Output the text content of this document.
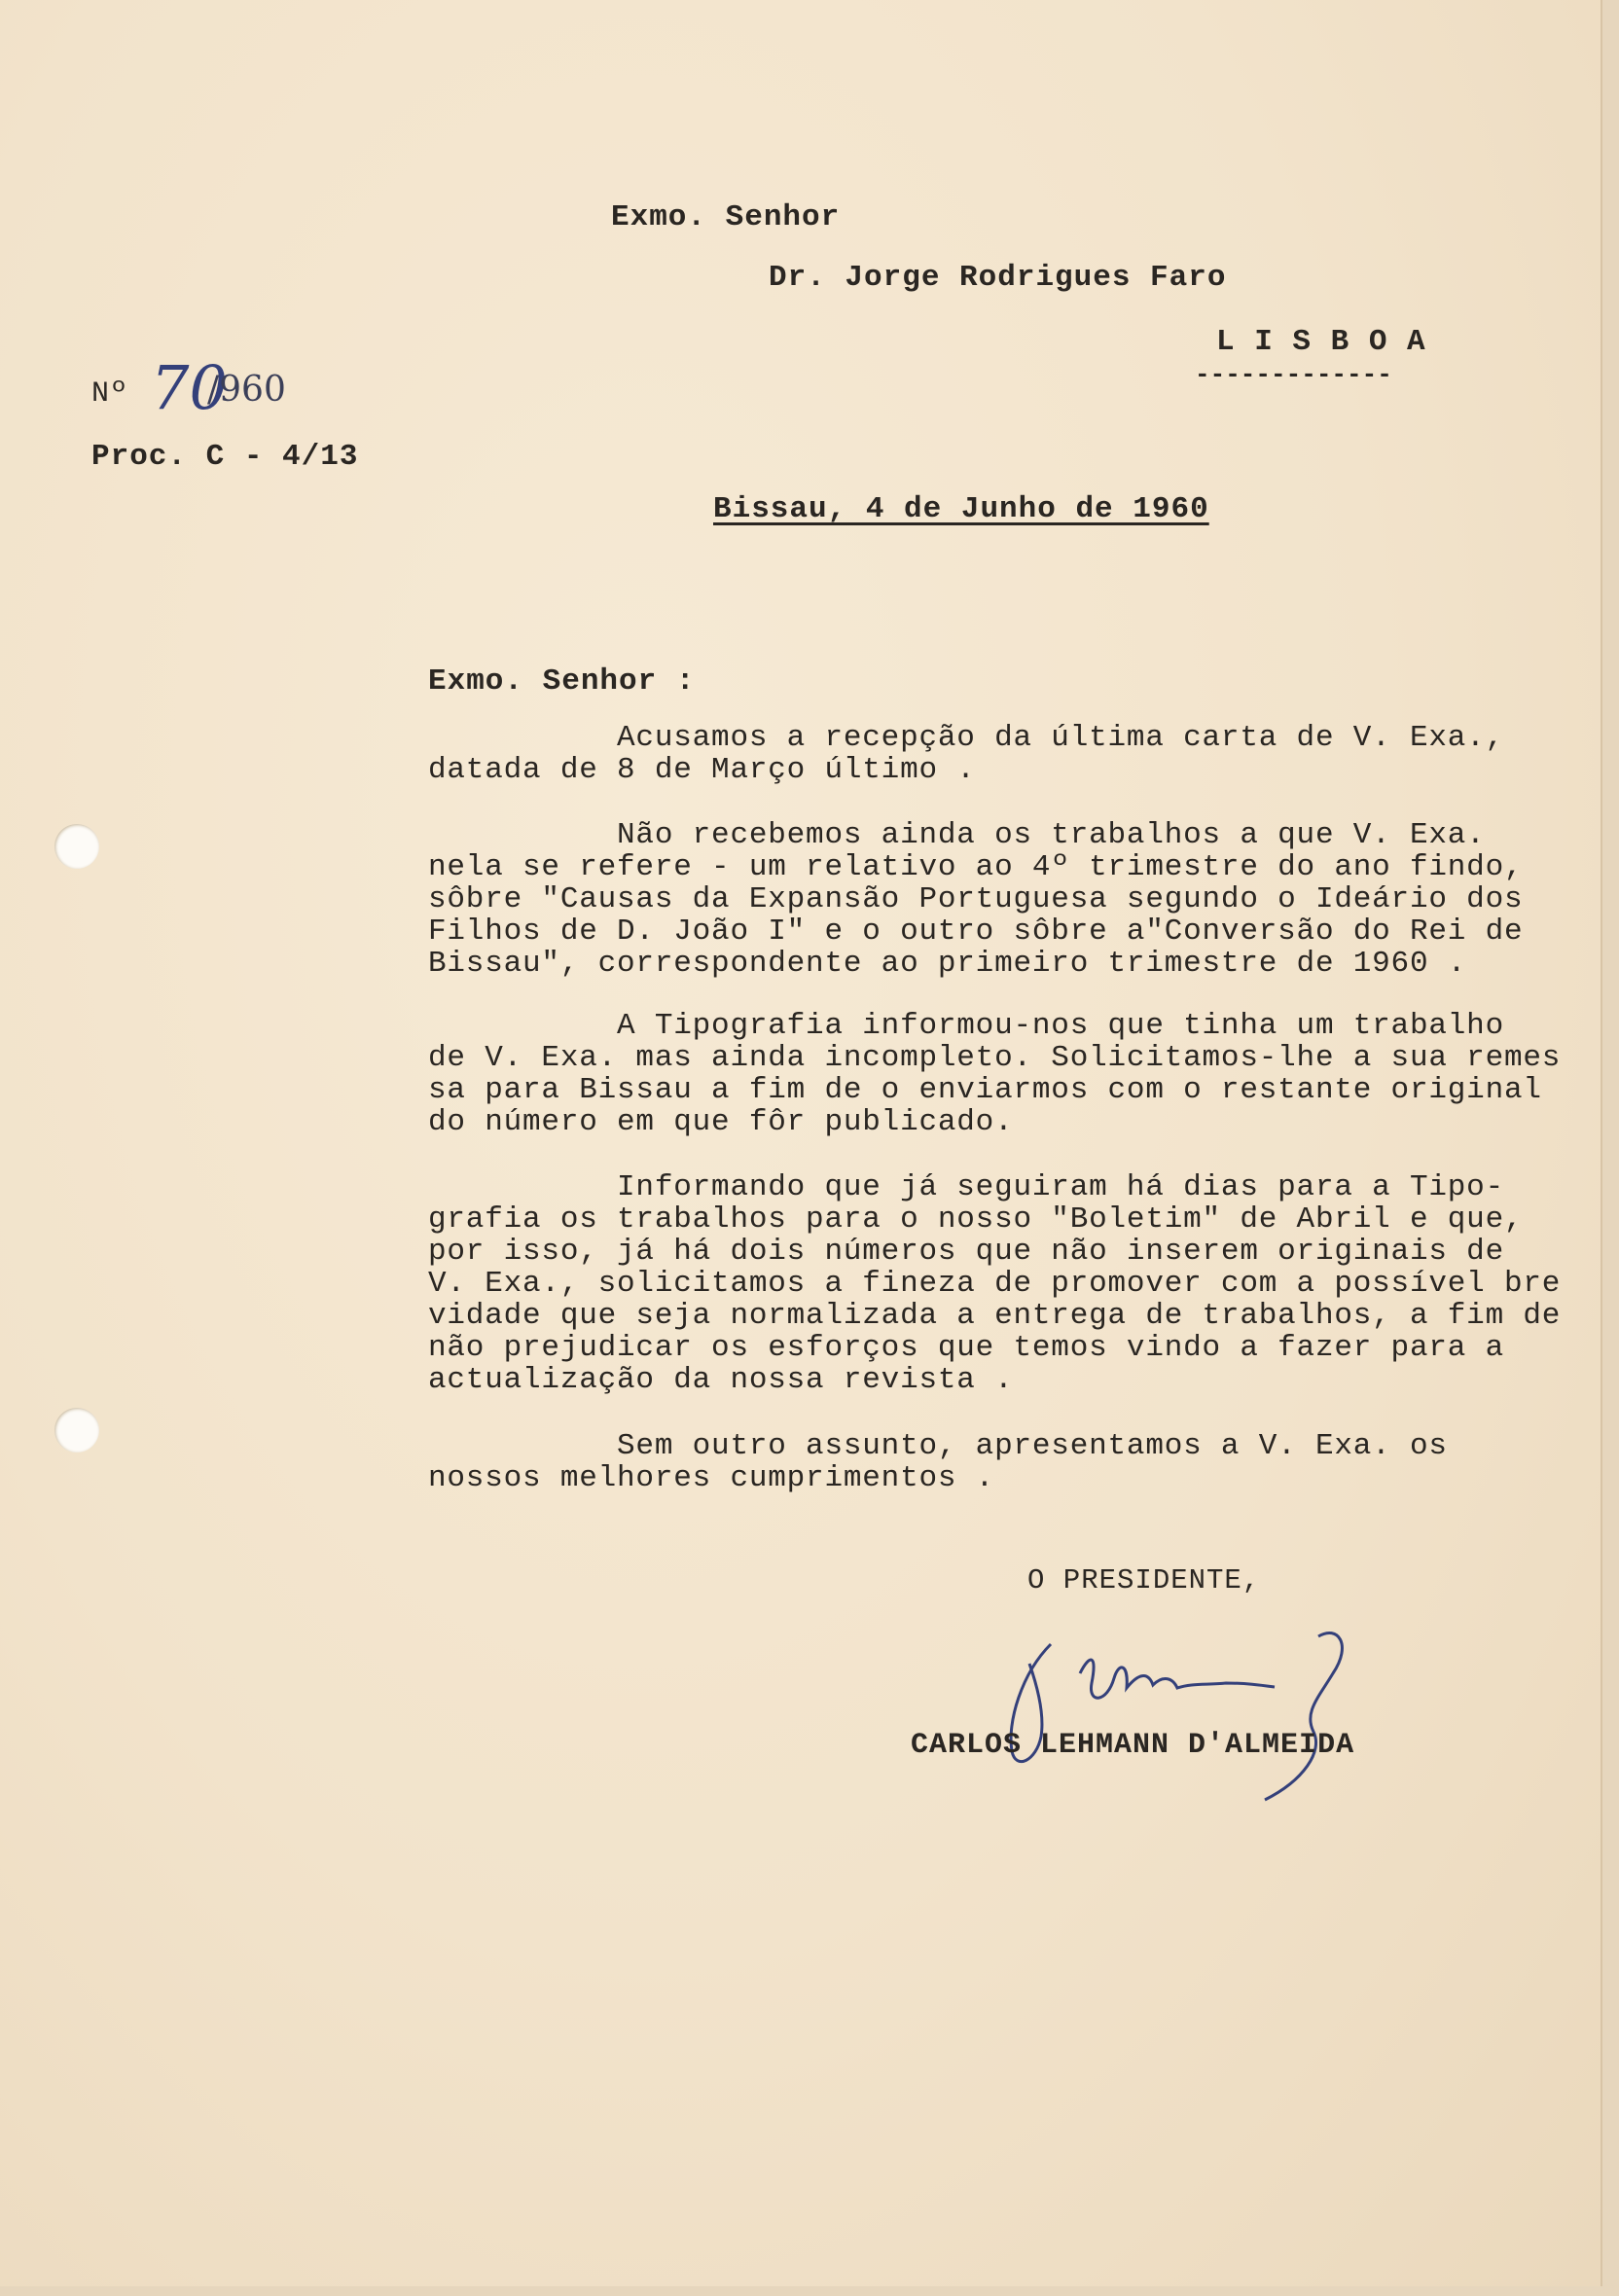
Exmo. Senhor
Dr. Jorge Rodrigues Faro
L I S B O A
-------------
Nº 70
/960
Proc. C - 4/13
Bissau, 4 de Junho de 1960
Exmo. Senhor :
Acusamos a recepção da última carta de V. Exa.,
datada de 8 de Março último .
Não recebemos ainda os trabalhos a que V. Exa.
nela se refere - um relativo ao 4º trimestre do ano findo,
sôbre "Causas da Expansão Portuguesa segundo o Ideário dos
Filhos de D. João I" e o outro sôbre a"Conversão do Rei de
Bissau", correspondente ao primeiro trimestre de 1960 .
A Tipografia informou-nos que tinha um trabalho
de V. Exa. mas ainda incompleto. Solicitamos-lhe a sua remes
sa para Bissau a fim de o enviarmos com o restante original
do número em que fôr publicado.
Informando que já seguiram há dias para a Tipo-
grafia os trabalhos para o nosso "Boletim" de Abril e que,
por isso, já há dois números que não inserem originais de
V. Exa., solicitamos a fineza de promover com a possível bre
vidade que seja normalizada a entrega de trabalhos, a fim de
não prejudicar os esforços que temos vindo a fazer para a
actualização da nossa revista .
Sem outro assunto, apresentamos a V. Exa. os
nossos melhores cumprimentos .
O PRESIDENTE,
CARLOS LEHMANN D'ALMEIDA
